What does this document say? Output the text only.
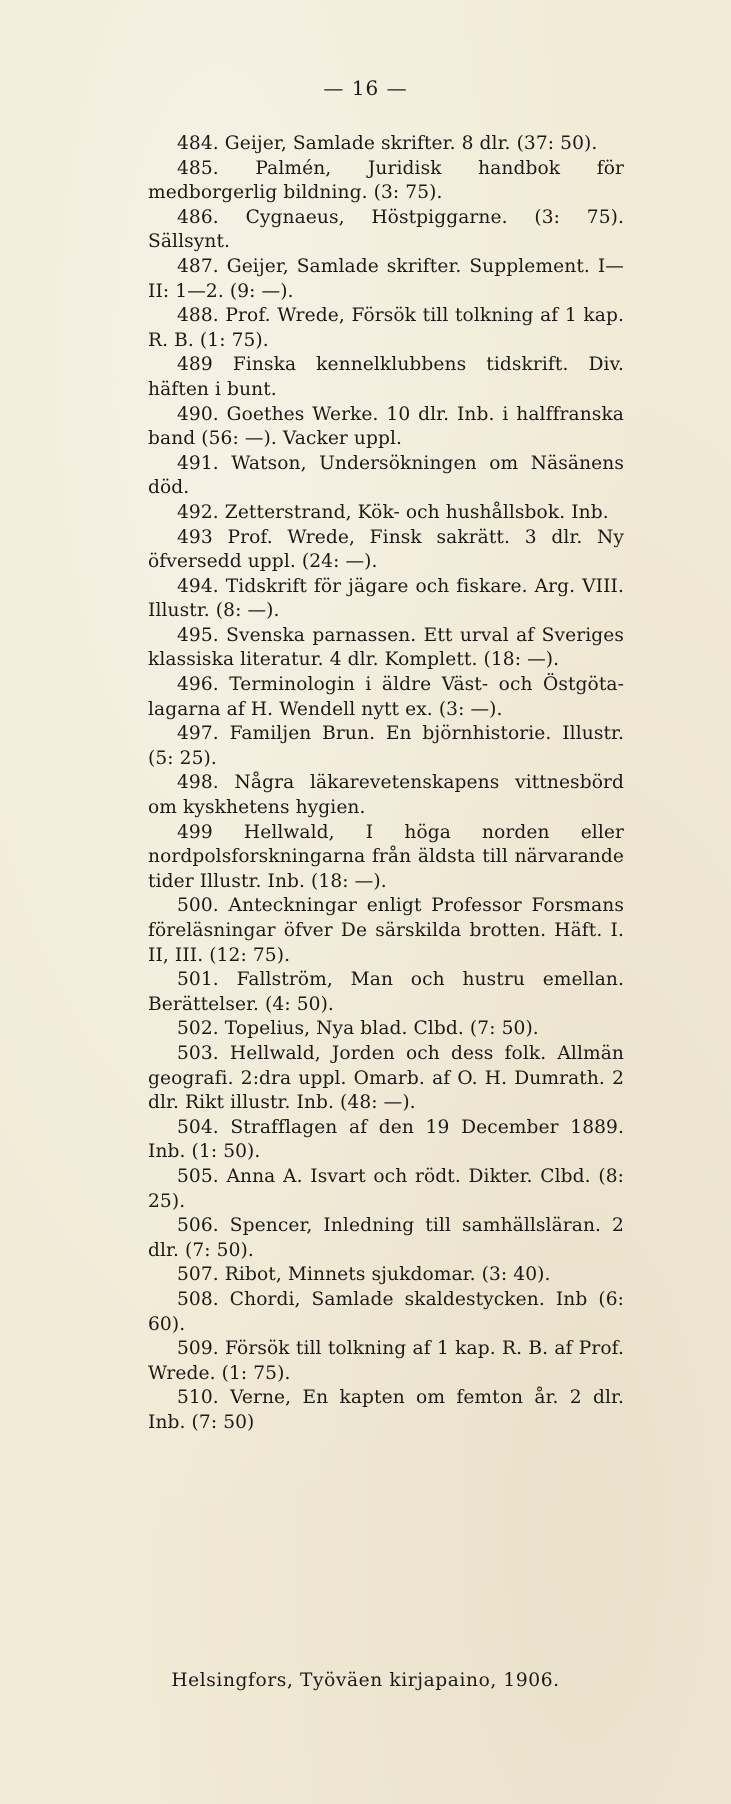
— 16 —

484. Geijer, Samlade skrifter. 8 dlr. (37: 50).

485. Palmén, Juridisk handbok för medborgerlig bildning. (3: 75).

486. Cygnaeus, Höstpiggarne. (3: 75). Sällsynt.

487. Geijer, Samlade skrifter. Supplement. I—II: 1—2. (9: —).

488. Prof. Wrede, Försök till tolkning af 1 kap. R. B. (1: 75).

489 Finska kennelklubbens tidskrift. Div. häften i bunt.

490. Goethes Werke. 10 dlr. Inb. i halffranska band (56: —). Vacker uppl.

491. Watson, Undersökningen om Näsänens död.

492. Zetterstrand, Kök- och hushållsbok. Inb.

493 Prof. Wrede, Finsk sakrätt. 3 dlr. Ny öfversedd uppl. (24: —).

494. Tidskrift för jägare och fiskare. Arg. VIII. Illustr. (8: —).

495. Svenska parnassen. Ett urval af Sveriges klassiska literatur. 4 dlr. Komplett. (18: —).

496. Terminologin i äldre Väst- och Östgöta-lagarna af H. Wendell nytt ex. (3: —).

497. Familjen Brun. En björnhistorie. Illustr. (5: 25).

498. Några läkarevetenskapens vittnesbörd om kyskhetens hygien.

499 Hellwald, I höga norden eller nordpolsforskningarna från äldsta till närvarande tider Illustr. Inb. (18: —).

500. Anteckningar enligt Professor Forsmans föreläsningar öfver De särskilda brotten. Häft. I. II, III. (12: 75).

501. Fallström, Man och hustru emellan. Berättelser. (4: 50).

502. Topelius, Nya blad. Clbd. (7: 50).

503. Hellwald, Jorden och dess folk. Allmän geografi. 2:dra uppl. Omarb. af O. H. Dumrath. 2 dlr. Rikt illustr. Inb. (48: —).

504. Strafflagen af den 19 December 1889. Inb. (1: 50).

505. Anna A. Isvart och rödt. Dikter. Clbd. (8: 25).

506. Spencer, Inledning till samhällsläran. 2 dlr. (7: 50).

507. Ribot, Minnets sjukdomar. (3: 40).

508. Chordi, Samlade skaldestycken. Inb (6: 60).

509. Försök till tolkning af 1 kap. R. B. af Prof. Wrede. (1: 75).

510. Verne, En kapten om femton år. 2 dlr. Inb. (7: 50)

Helsingfors, Työväen kirjapaino, 1906.
